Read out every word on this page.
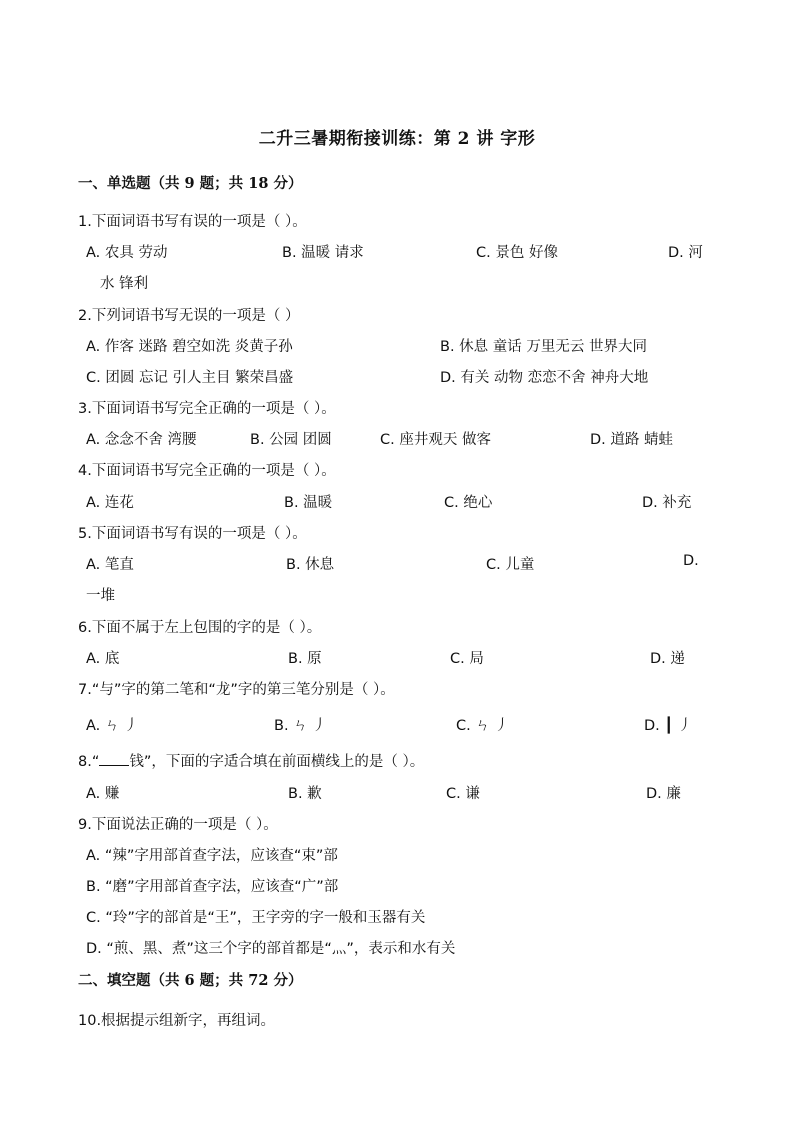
二升三暑期衔接训练：第 2 讲 字形
一、单选题（共 9 题；共 18 分）
1.下面词语书写有误的一项是（ ）。
A. 农具 劳动	B. 温暖 请求	C. 景色 好像	D. 河
水 锋利
2.下列词语书写无误的一项是（ ）
A. 作客 迷路 碧空如洗 炎黄子孙	B. 休息 童话 万里无云 世界大同
C. 团圆 忘记 引人主目 繁荣昌盛	D. 有关 动物 恋恋不舍 神舟大地
3.下面词语书写完全正确的一项是（ ）。
A. 念念不舍 湾腰	B. 公园 团圆	C. 座井观天 做客	D. 道路 蜻蛙
4.下面词语书写完全正确的一项是（ ）。
A. 连花	B. 温暖	C. 绝心	D. 补充
5.下面词语书写有误的一项是（ ）。
A. 笔直	B. 休息	C. 儿童	D.
一堆
6.下面不属于左上包围的字的是（ ）。
A. 底	B. 原	C. 局	D. 递
7.“与”字的第二笔和“龙”字的第三笔分别是（ ）。
A. ㄣ 丿	B. ㄣ 丿	C. ㄣ 丿	D. ┃ 丿
8.“ 钱”，下面的字适合填在前面横线上的是（ ）。
A. 赚	B. 歉	C. 谦	D. 廉
9.下面说法正确的一项是（ ）。
A. “辣”字用部首查字法，应该查“束”部
B. “磨”字用部首查字法，应该查“广”部
C. “玲”字的部首是“王”，王字旁的字一般和玉器有关
D. “煎、黑、煮”这三个字的部首都是“灬”，表示和水有关
二、填空题（共 6 题；共 72 分）
10.根据提示组新字，再组词。
